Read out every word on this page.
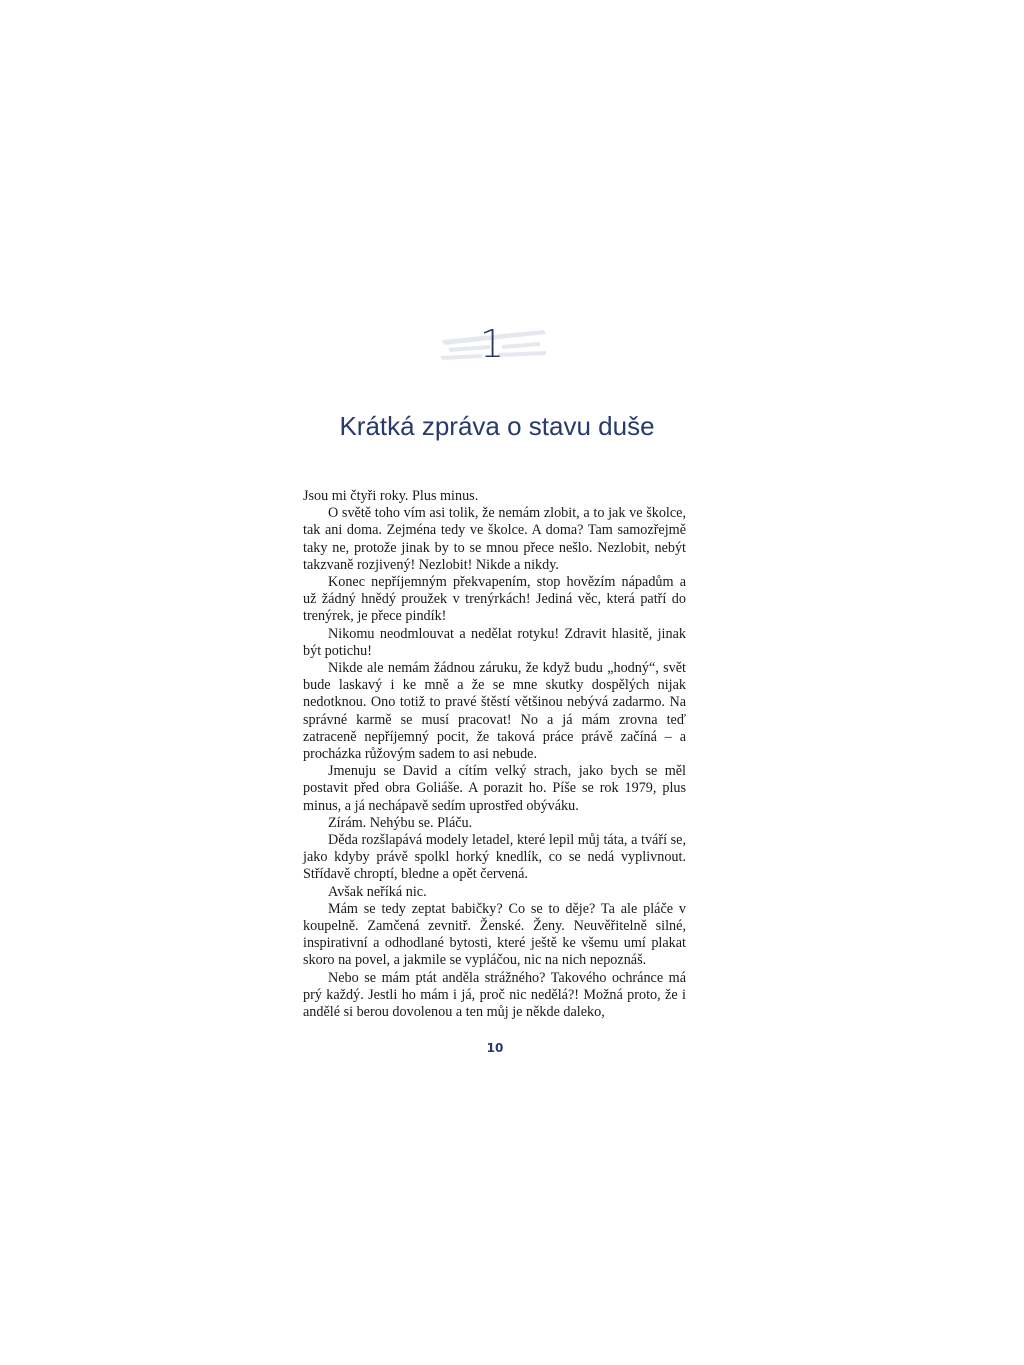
1
Krátká zpráva o stavu duše

Jsou mi čtyři roky. Plus minus.

O světě toho vím asi tolik, že nemám zlobit, a to jak ve školce, tak ani doma. Zejména tedy ve školce. A doma? Tam samozřejmě taky ne, protože jinak by to se mnou přece nešlo. Nezlobit, nebýt takzvaně rozjivený! Nezlobit! Nikde a nikdy.

Konec nepříjemným překvapením, stop hovězím nápadům a už žádný hnědý proužek v trenýrkách! Jediná věc, která patří do trenýrek, je přece pindík!

Nikomu neodmlouvat a nedělat rotyku! Zdravit hlasitě, jinak být potichu!

Nikde ale nemám žádnou záruku, že když budu „hodný“, svět bude laskavý i ke mně a že se mne skutky dospělých nijak nedotknou. Ono totiž to pravé štěstí většinou nebývá zadarmo. Na správné karmě se musí pracovat! No a já mám zrovna teď zatraceně nepříjemný pocit, že taková práce právě začíná – a procházka růžovým sadem to asi nebude.

Jmenuju se David a cítím velký strach, jako bych se měl postavit před obra Goliáše. A porazit ho. Píše se rok 1979, plus minus, a já nechápavě sedím uprostřed obýváku.

Zírám. Nehýbu se. Pláču.

Děda rozšlapává modely letadel, které lepil můj táta, a tváří se, jako kdyby právě spolkl horký knedlík, co se nedá vyplivnout. Střídavě chroptí, bledne a opět červená.

Avšak neříká nic.

Mám se tedy zeptat babičky? Co se to děje? Ta ale pláče v koupelně. Zamčená zevnitř. Ženské. Ženy. Neuvěřitelně silné, inspirativní a odhodlané bytosti, které ještě ke všemu umí plakat skoro na povel, a jakmile se vypláčou, nic na nich nepoznáš.

Nebo se mám ptát anděla strážného? Takového ochránce má prý každý. Jestli ho mám i já, proč nic nedělá?! Možná proto, že i andělé si berou dovolenou a ten můj je někde daleko,

10
